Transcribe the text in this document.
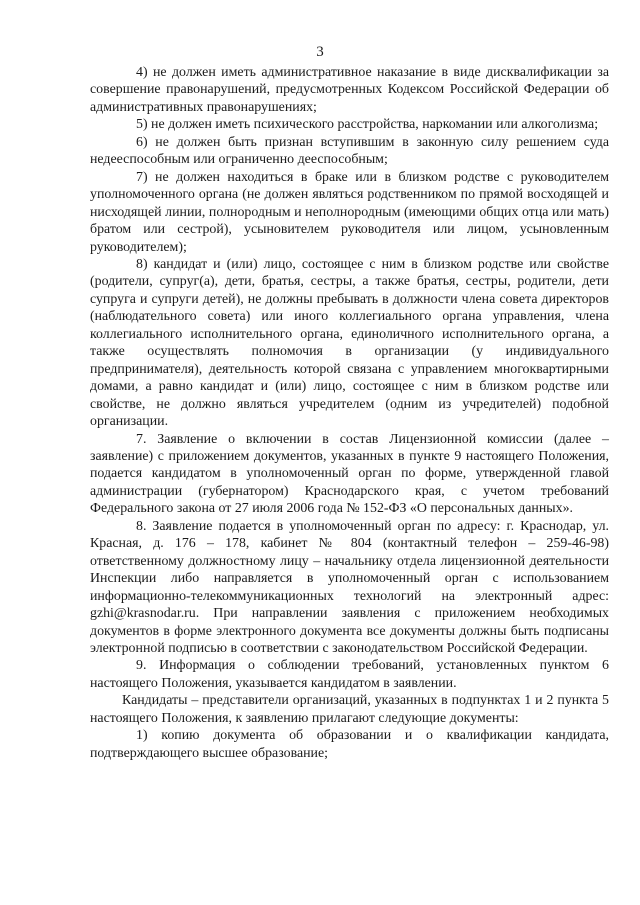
3

4) не должен иметь административное наказание в виде дисквалификации за совершение правонарушений, предусмотренных Кодексом Российской Федерации об административных правонарушениях;

5) не должен иметь психического расстройства, наркомании или алкоголизма;

6) не должен быть признан вступившим в законную силу решением суда недееспособным или ограниченно дееспособным;

7) не должен находиться в браке или в близком родстве с руководителем уполномоченного органа (не должен являться родственником по прямой восходящей и нисходящей линии, полнородным и неполнородным (имеющими общих отца или мать) братом или сестрой), усыновителем руководителя или лицом, усыновленным руководителем);

8) кандидат и (или) лицо, состоящее с ним в близком родстве или свойстве (родители, супруг(а), дети, братья, сестры, а также братья, сестры, родители, дети супруга и супруги детей), не должны пребывать в должности члена совета директоров (наблюдательного совета) или иного коллегиального органа управления, члена коллегиального исполнительного органа, единоличного исполнительного органа, а также осуществлять полномочия в организации (у индивидуального предпринимателя), деятельность которой связана с управлением многоквартирными домами, а равно кандидат и (или) лицо, состоящее с ним в близком родстве или свойстве, не должно являться учредителем (одним из учредителей) подобной организации.

7. Заявление о включении в состав Лицензионной комиссии (далее – заявление) с приложением документов, указанных в пункте 9 настоящего Положения, подается кандидатом в уполномоченный орган по форме, утвержденной главой администрации (губернатором) Краснодарского края, с учетом требований Федерального закона от 27 июля 2006 года № 152-ФЗ «О персональных данных».

8. Заявление подается в уполномоченный орган по адресу: г. Краснодар, ул. Красная, д. 176 – 178, кабинет № 804 (контактный телефон – 259-46-98) ответственному должностному лицу – начальнику отдела лицензионной деятельности Инспекции либо направляется в уполномоченный орган с использованием информационно-телекоммуникационных технологий на электронный адрес: gzhi@krasnodar.ru. При направлении заявления с приложением необходимых документов в форме электронного документа все документы должны быть подписаны электронной подписью в соответствии с законодательством Российской Федерации.

9. Информация о соблюдении требований, установленных пунктом 6 настоящего Положения, указывается кандидатом в заявлении.

Кандидаты – представители организаций, указанных в подпунктах 1 и 2 пункта 5 настоящего Положения, к заявлению прилагают следующие документы:

1) копию документа об образовании и о квалификации кандидата, подтверждающего высшее образование;
